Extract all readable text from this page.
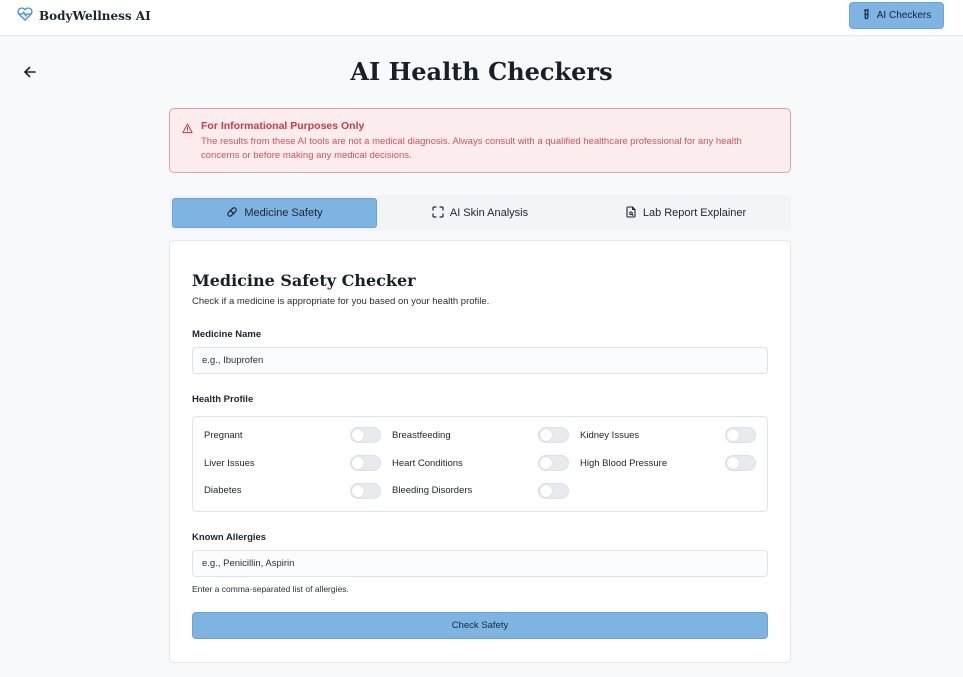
BodyWellness AI	AI Checkers
AI Health Checkers
For Informational Purposes Only
The results from these AI tools are not a medical diagnosis. Always consult with a qualified healthcare professional for any health concerns or before making any medical decisions.
Medicine Safety	AI Skin Analysis	Lab Report Explainer
Medicine Safety Checker
Check if a medicine is appropriate for you based on your health profile.
Medicine Name
e.g., Ibuprofen
Health Profile
Pregnant	Breastfeeding	Kidney Issues
Liver Issues	Heart Conditions	High Blood Pressure
Diabetes	Bleeding Disorders
Known Allergies
e.g., Penicillin, Aspirin
Enter a comma-separated list of allergies.
Check Safety
